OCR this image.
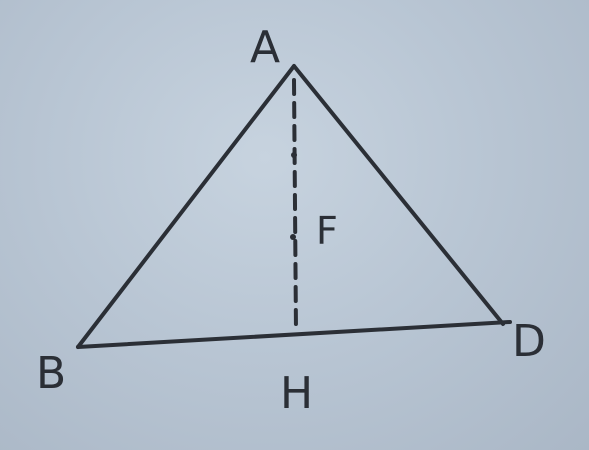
A
B
D
H
F
